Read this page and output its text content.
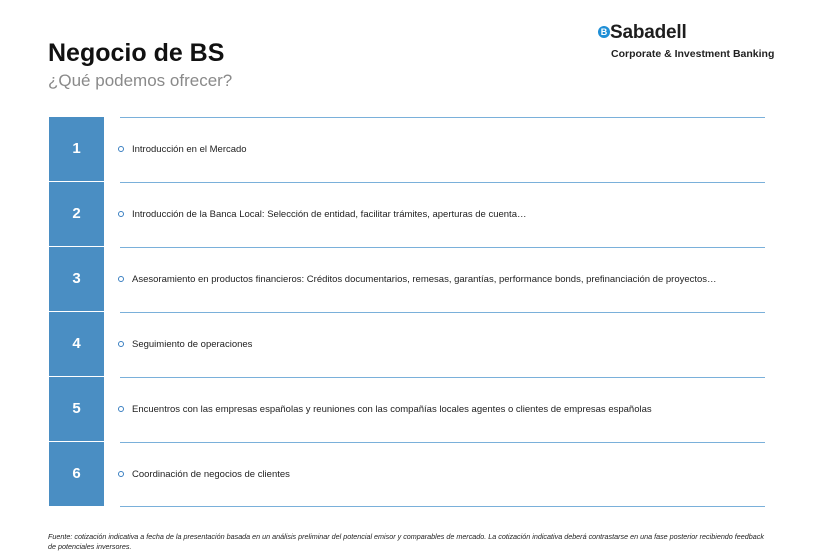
Negocio de BS
¿Qué podemos ofrecer?
B Sabadell
Corporate & Investment Banking
1	Introducción en el Mercado
2	Introducción de la Banca Local: Selección de entidad, facilitar trámites, aperturas de cuenta…
3	Asesoramiento en productos financieros: Créditos documentarios, remesas, garantías, performance bonds, prefinanciación de proyectos…
4	Seguimiento de operaciones
5	Encuentros con las empresas españolas y reuniones con las compañías locales agentes o clientes de empresas españolas
6	Coordinación de negocios de clientes
Fuente: cotización indicativa a fecha de la presentación basada en un análisis preliminar del potencial emisor y comparables de mercado. La cotización indicativa deberá contrastarse en una fase posterior recibiendo feedback de potenciales inversores.
